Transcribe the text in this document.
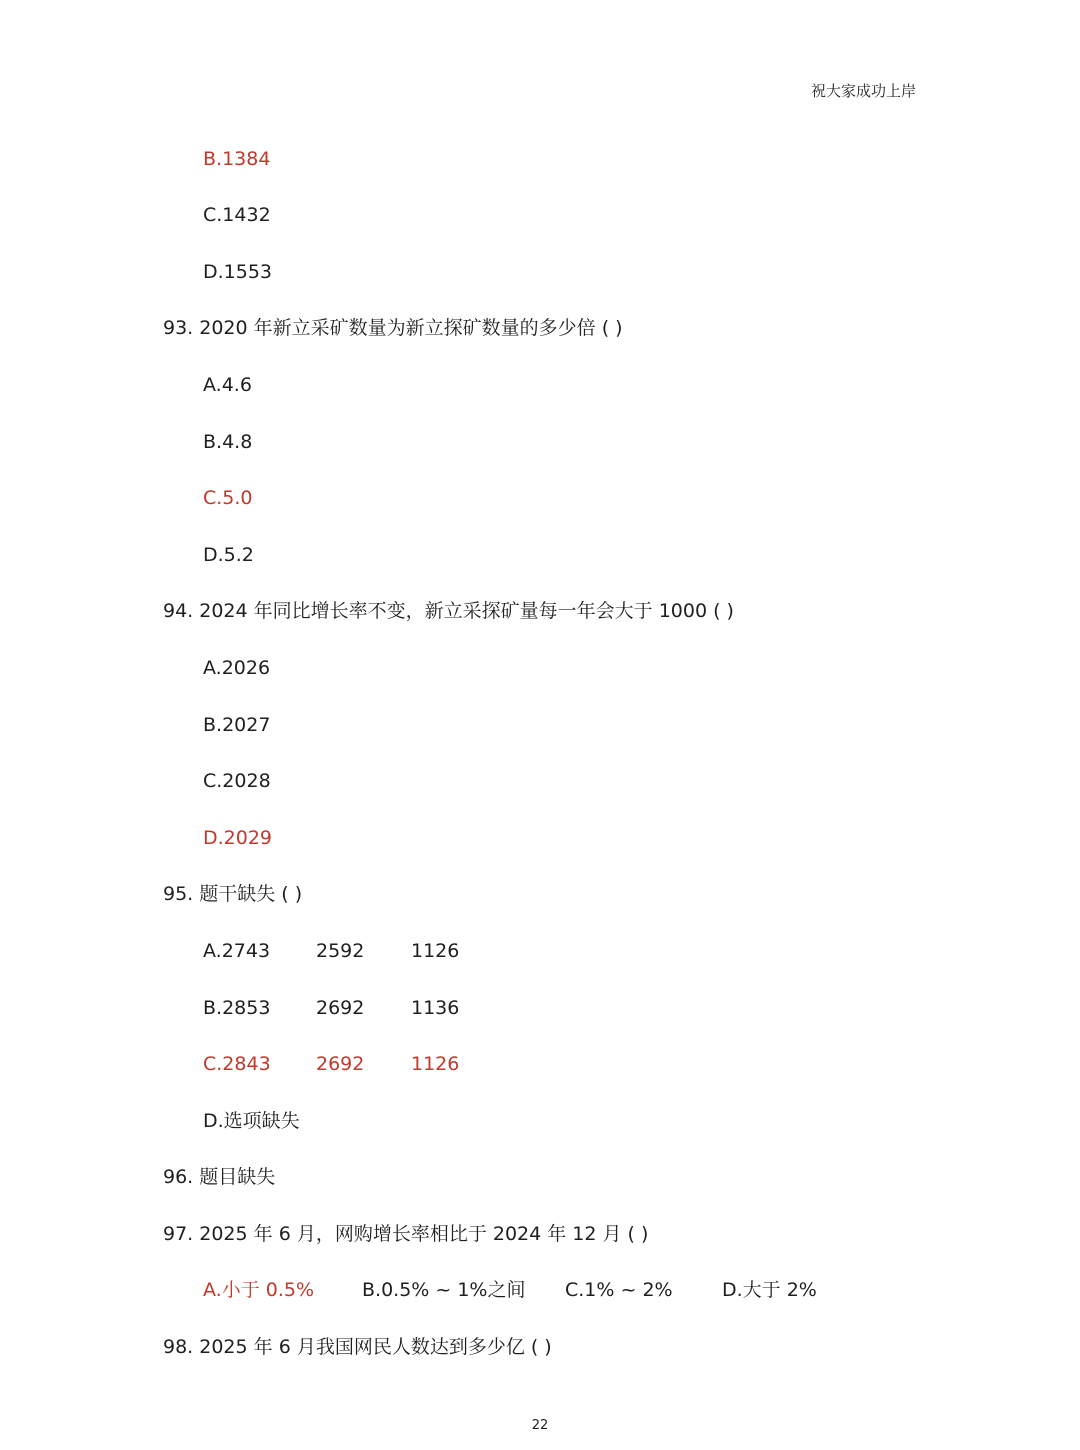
祝大家成功上岸
B.1384
C.1432
D.1553
93. 2020 年新立采矿数量为新立探矿数量的多少倍 ( )
A.4.6
B.4.8
C.5.0
D.5.2
94. 2024 年同比增长率不变，新立采探矿量每一年会大于 1000 ( )
A.2026
B.2027
C.2028
D.2029
95. 题干缺失 ( )
A.2743 2592 1126
B.2853 2692 1136
C.2843 2692 1126
D.选项缺失
96. 题目缺失
97. 2025 年 6 月，网购增长率相比于 2024 年 12 月 ( )
A.小于 0.5%	B.0.5% ~ 1%之间 C.1% ~ 2%	D.大于 2%
98. 2025 年 6 月我国网民人数达到多少亿 ( )
22
